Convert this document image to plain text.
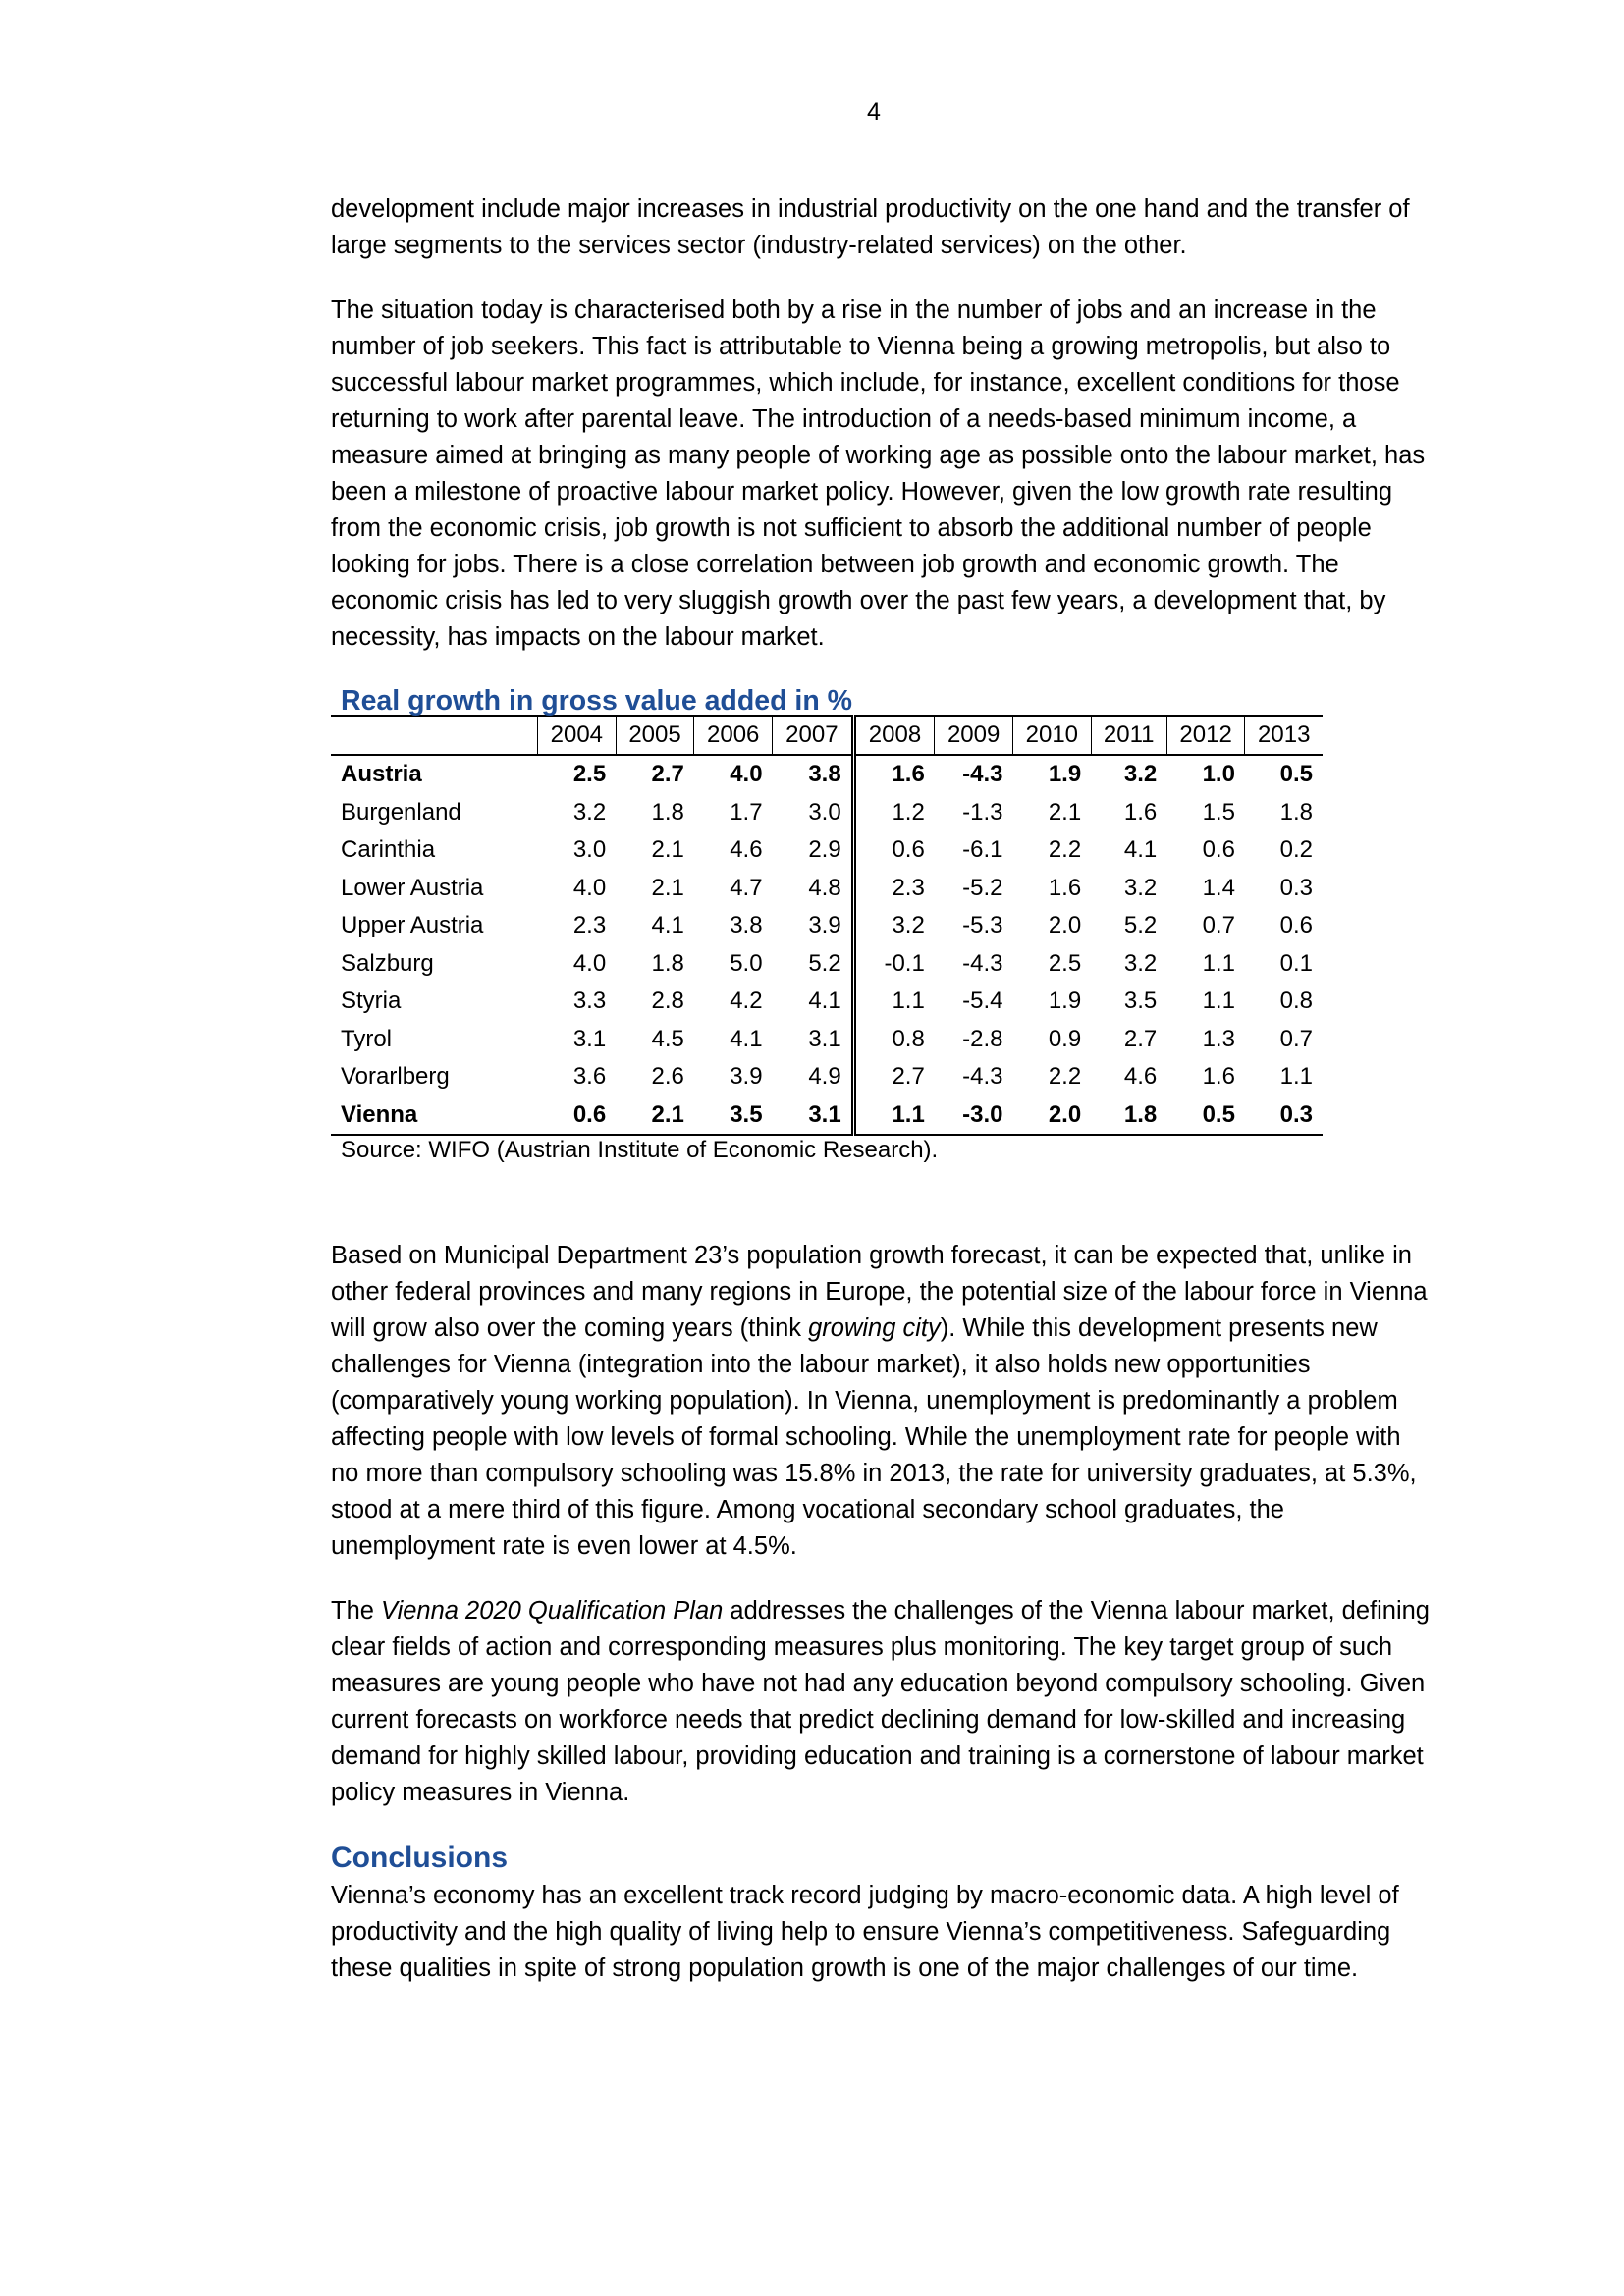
4

development include major increases in industrial productivity on the one hand and the transfer of large segments to the services sector (industry-related services) on the other.

The situation today is characterised both by a rise in the number of jobs and an increase in the number of job seekers. This fact is attributable to Vienna being a growing metropolis, but also to successful labour market programmes, which include, for instance, excellent conditions for those returning to work after parental leave. The introduction of a needs-based minimum income, a measure aimed at bringing as many people of working age as possible onto the labour market, has been a milestone of proactive labour market policy. However, given the low growth rate resulting from the economic crisis, job growth is not sufficient to absorb the additional number of people looking for jobs. There is a close correlation between job growth and economic growth. The economic crisis has led to very sluggish growth over the past few years, a development that, by necessity, has impacts on the labour market.

Real growth in gross value added in %
	2004	2005	2006	2007	2008	2009	2010	2011	2012	2013
Austria	2.5	2.7	4.0	3.8	1.6	-4.3	1.9	3.2	1.0	0.5
Burgenland	3.2	1.8	1.7	3.0	1.2	-1.3	2.1	1.6	1.5	1.8
Carinthia	3.0	2.1	4.6	2.9	0.6	-6.1	2.2	4.1	0.6	0.2
Lower Austria	4.0	2.1	4.7	4.8	2.3	-5.2	1.6	3.2	1.4	0.3
Upper Austria	2.3	4.1	3.8	3.9	3.2	-5.3	2.0	5.2	0.7	0.6
Salzburg	4.0	1.8	5.0	5.2	-0.1	-4.3	2.5	3.2	1.1	0.1
Styria	3.3	2.8	4.2	4.1	1.1	-5.4	1.9	3.5	1.1	0.8
Tyrol	3.1	4.5	4.1	3.1	0.8	-2.8	0.9	2.7	1.3	0.7
Vorarlberg	3.6	2.6	3.9	4.9	2.7	-4.3	2.2	4.6	1.6	1.1
Vienna	0.6	2.1	3.5	3.1	1.1	-3.0	2.0	1.8	0.5	0.3
Source: WIFO (Austrian Institute of Economic Research).

Based on Municipal Department 23’s population growth forecast, it can be expected that, unlike in other federal provinces and many regions in Europe, the potential size of the labour force in Vienna will grow also over the coming years (think growing city). While this development presents new challenges for Vienna (integration into the labour market), it also holds new opportunities (comparatively young working population). In Vienna, unemployment is predominantly a problem affecting people with low levels of formal schooling. While the unemployment rate for people with no more than compulsory schooling was 15.8% in 2013, the rate for university graduates, at 5.3%, stood at a mere third of this figure. Among vocational secondary school graduates, the unemployment rate is even lower at 4.5%.

The Vienna 2020 Qualification Plan addresses the challenges of the Vienna labour market, defining clear fields of action and corresponding measures plus monitoring. The key target group of such measures are young people who have not had any education beyond compulsory schooling. Given current forecasts on workforce needs that predict declining demand for low-skilled and increasing demand for highly skilled labour, providing education and training is a cornerstone of labour market policy measures in Vienna.

Conclusions

Vienna’s economy has an excellent track record judging by macro-economic data. A high level of productivity and the high quality of living help to ensure Vienna’s competitiveness. Safeguarding these qualities in spite of strong population growth is one of the major challenges of our time.
